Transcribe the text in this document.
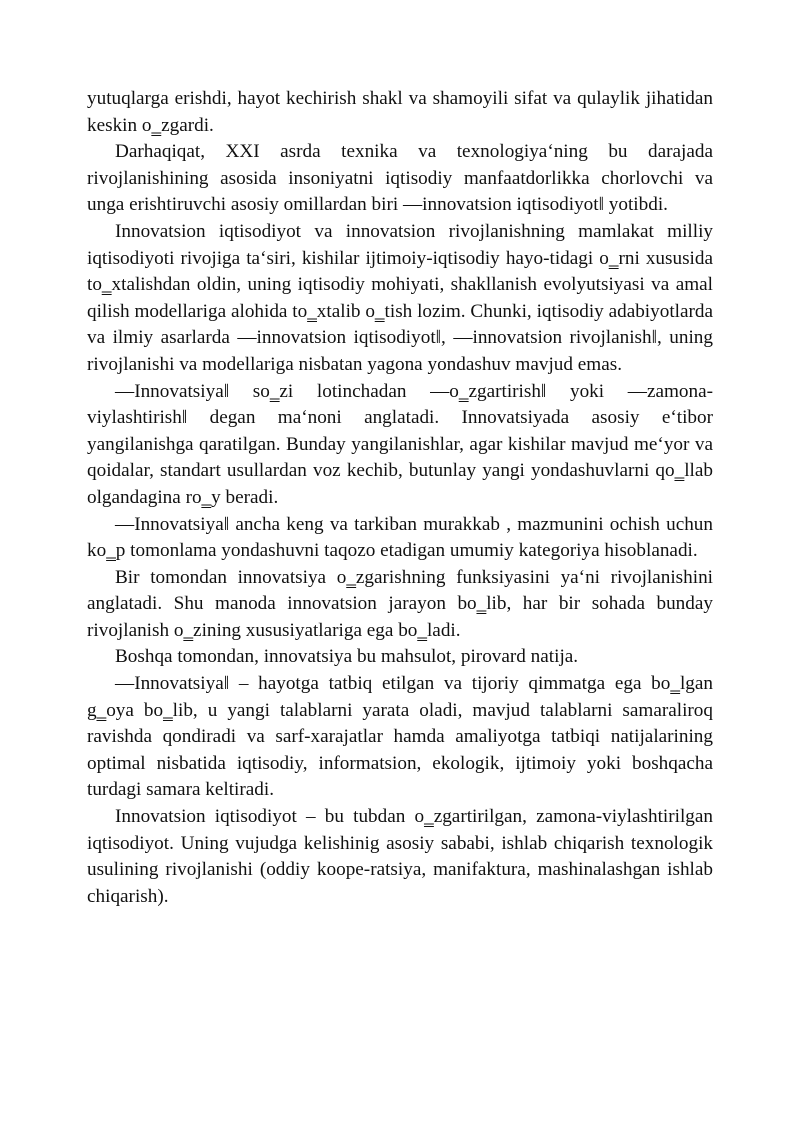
yutuqlarga erishdi, hayot kechirish shakl va shamoyili sifat va qulaylik jihatidan keskin o‗zgardi.

Darhaqiqat, XXI asrda texnika va texnologiya‘ning bu darajada rivojlanishining asosida insoniyatni iqtisodiy manfaatdorlikka chorlovchi va unga erishtiruvchi asosiy omillardan biri ―innovatsion iqtisodiyot‖ yotibdi.

Innovatsion iqtisodiyot va innovatsion rivojlanishning mamlakat milliy iqtisodiyoti rivojiga ta‘siri, kishilar ijtimoiy-iqtisodiy hayo-tidagi o‗rni xususida to‗xtalishdan oldin, uning iqtisodiy mohiyati, shakllanish evolyutsiyasi va amal qilish modellariga alohida to‗xtalib o‗tish lozim. Chunki, iqtisodiy adabiyotlarda va ilmiy asarlarda ―innovatsion iqtisodiyot‖, ―innovatsion rivojlanish‖, uning rivojlanishi va modellariga nisbatan yagona yondashuv mavjud emas.

―Innovatsiya‖ so‗zi lotinchadan ―o‗zgartirish‖ yoki ―zamona-viylashtirish‖ degan ma‘noni anglatadi. Innovatsiyada asosiy e‘tibor yangilanishga qaratilgan. Bunday yangilanishlar, agar kishilar mavjud me‘yor va qoidalar, standart usullardan voz kechib, butunlay yangi yondashuvlarni qo‗llab olgandagina ro‗y beradi.

―Innovatsiya‖ ancha keng va tarkiban murakkab , mazmunini ochish uchun ko‗p tomonlama yondashuvni taqozo etadigan umumiy kategoriya hisoblanadi.

Bir tomondan innovatsiya o‗zgarishning funksiyasini ya‘ni rivojlanishini anglatadi. Shu manoda innovatsion jarayon bo‗lib, har bir sohada bunday rivojlanish o‗zining xususiyatlariga ega bo‗ladi.

Boshqa tomondan, innovatsiya bu mahsulot, pirovard natija.

―Innovatsiya‖ – hayotga tatbiq etilgan va tijoriy qimmatga ega bo‗lgan g‗oya bo‗lib, u yangi talablarni yarata oladi, mavjud talablarni samaraliroq ravishda qondiradi va sarf-xarajatlar hamda amaliyotga tatbiqi natijalarining optimal nisbatida iqtisodiy, informatsion, ekologik, ijtimoiy yoki boshqacha turdagi samara keltiradi.

Innovatsion iqtisodiyot – bu tubdan o‗zgartirilgan, zamona-viylashtirilgan iqtisodiyot. Uning vujudga kelishinig asosiy sababi, ishlab chiqarish texnologik usulining rivojlanishi (oddiy koope-ratsiya, manifaktura, mashinalashgan ishlab chiqarish).
